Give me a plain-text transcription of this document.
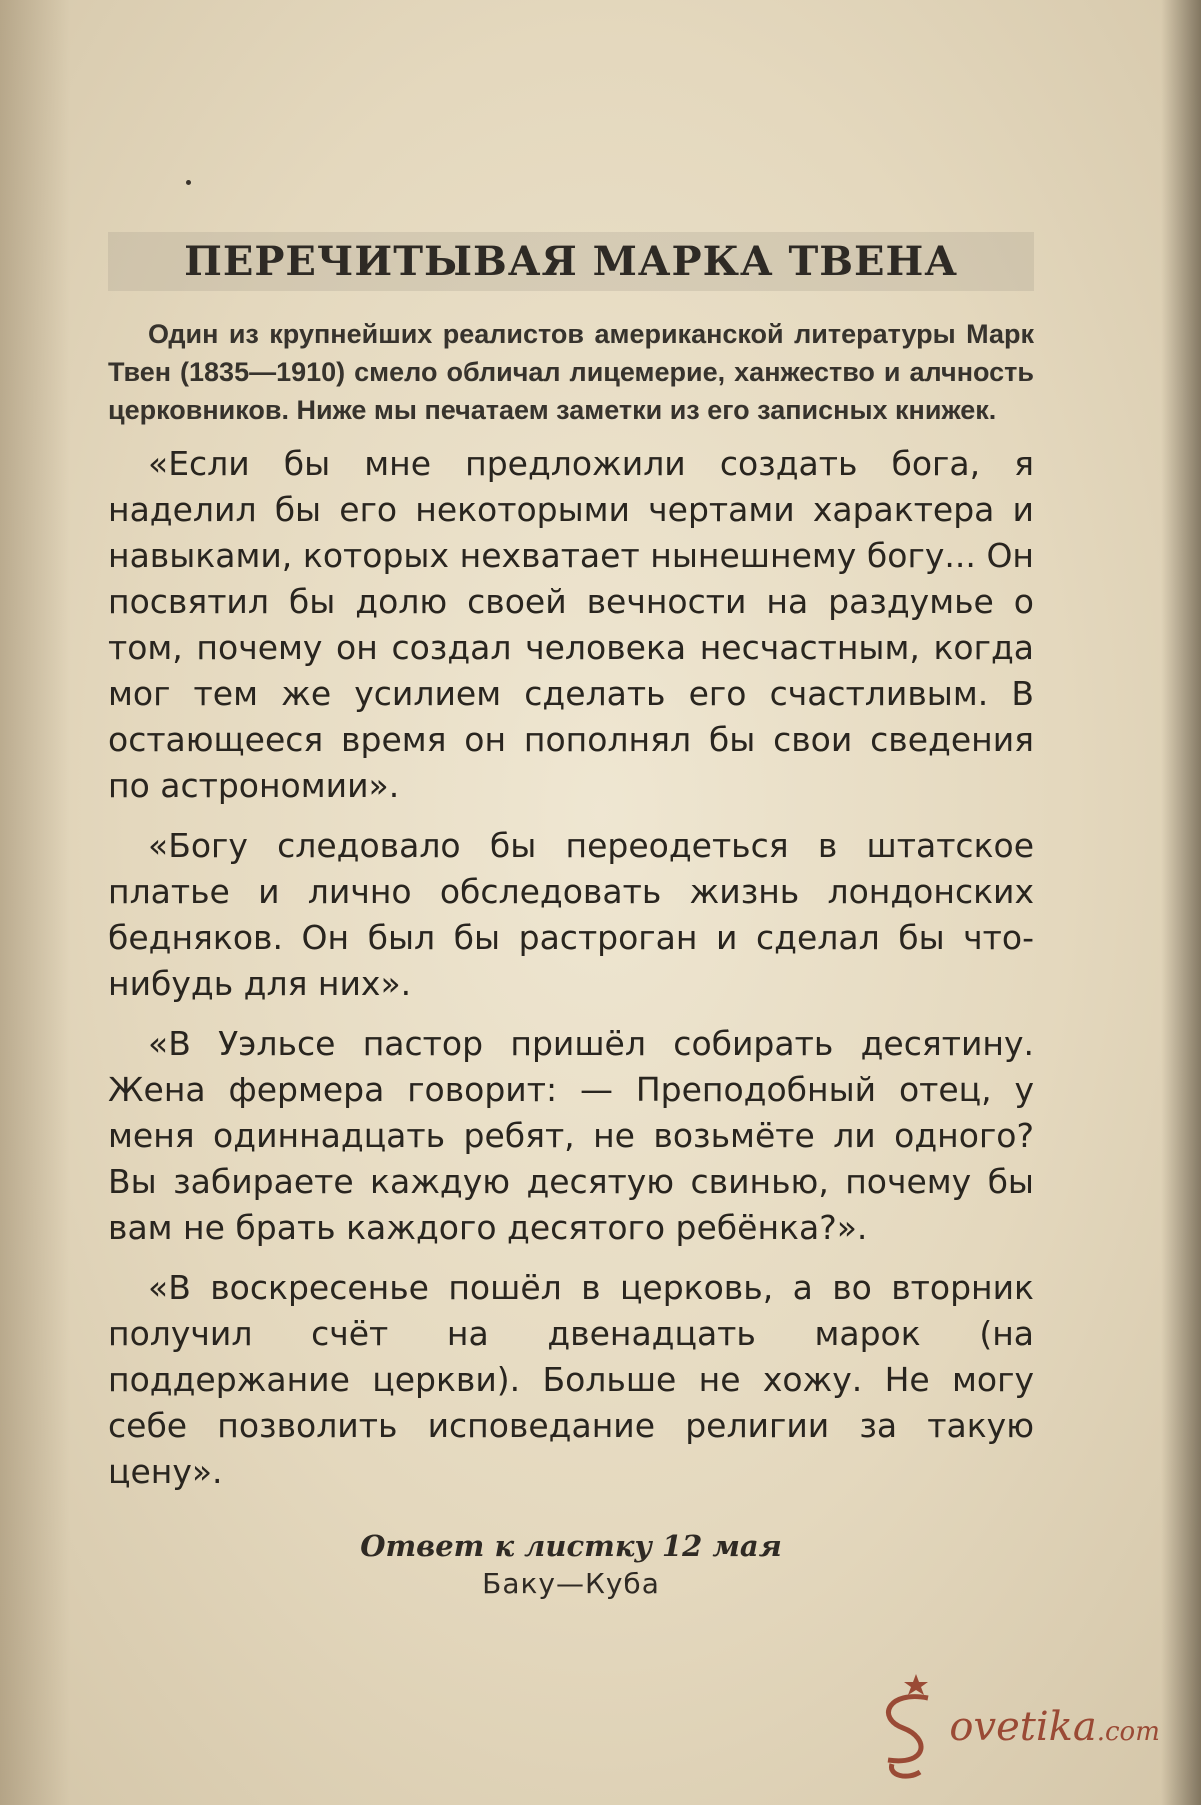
ПЕРЕЧИТЫВАЯ МАРКА ТВЕНА

Один из крупнейших реалистов американской литературы Марк Твен (1835—1910) смело обличал лицемерие, ханжество и алчность церковников. Ниже мы печатаем заметки из его записных книжек.

«Если бы мне предложили создать бога, я наделил бы его некоторыми чертами характера и навыками, которых нехватает нынешнему богу... Он посвятил бы долю своей вечности на раздумье о том, почему он создал человека несчастным, когда мог тем же усилием сделать его счастливым. В остающееся время он пополнял бы свои сведения по астрономии».

«Богу следовало бы переодеться в штатское платье и лично обследовать жизнь лондонских бедняков. Он был бы растроган и сделал бы что-нибудь для них».

«В Уэльсе пастор пришёл собирать десятину. Жена фермера говорит: — Преподобный отец, у меня одиннадцать ребят, не возьмёте ли одного? Вы забираете каждую десятую свинью, почему бы вам не брать каждого десятого ребёнка?».

«В воскресенье пошёл в церковь, а во вторник получил счёт на двенадцать марок (на поддержание церкви). Больше не хожу. Не могу себе позволить исповедание религии за такую цену».

Ответ к листку 12 мая
Баку—Куба
ovetika.com
